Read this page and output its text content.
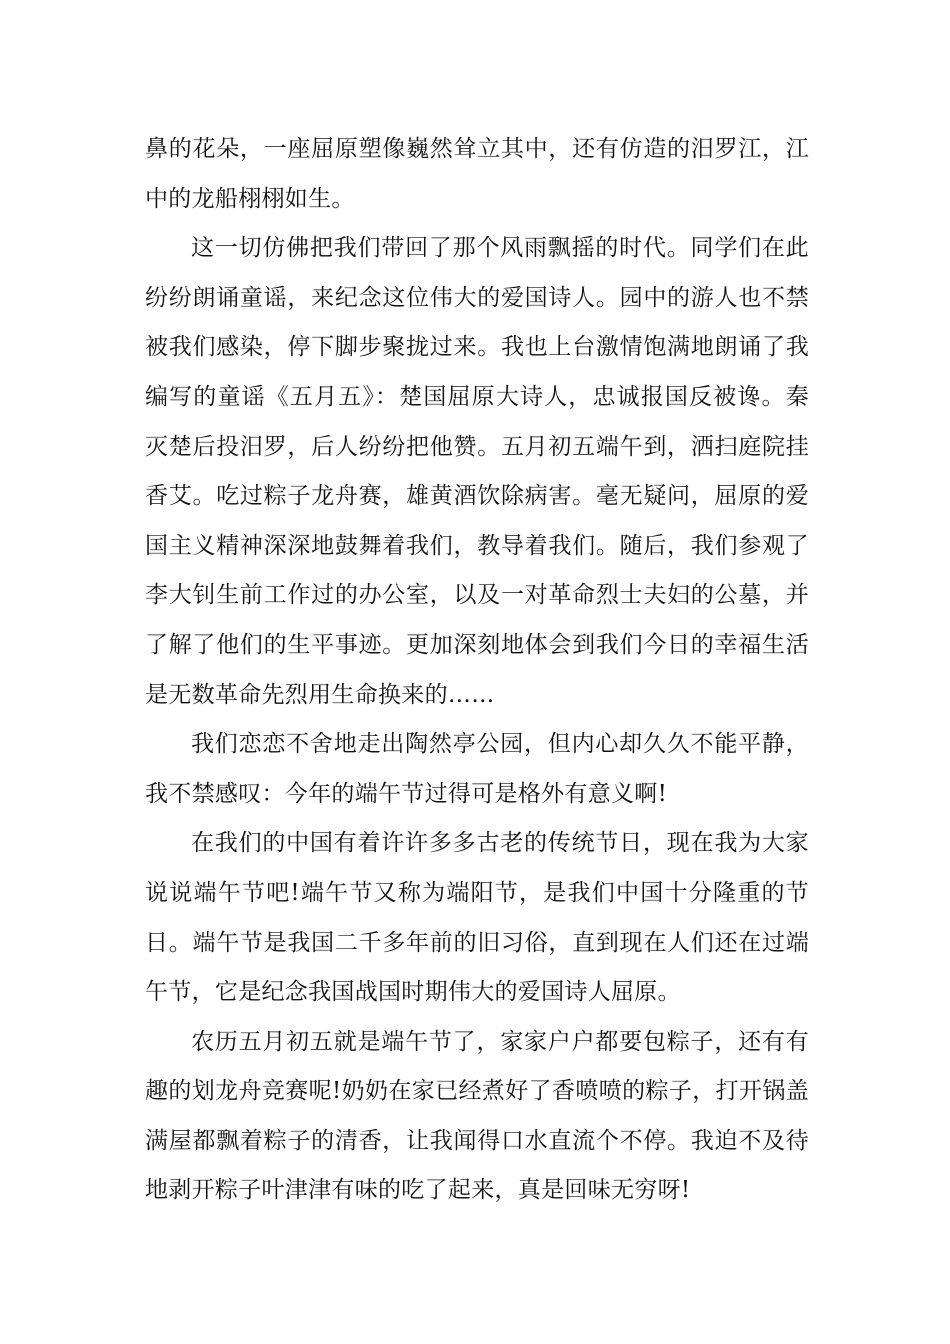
鼻的花朵，一座屈原塑像巍然耸立其中，还有仿造的汨罗江，江中的龙船栩栩如生。

这一切仿佛把我们带回了那个风雨飘摇的时代。同学们在此纷纷朗诵童谣，来纪念这位伟大的爱国诗人。园中的游人也不禁被我们感染，停下脚步聚拢过来。我也上台激情饱满地朗诵了我编写的童谣《五月五》：楚国屈原大诗人，忠诚报国反被谗。秦灭楚后投汨罗，后人纷纷把他赞。五月初五端午到，洒扫庭院挂香艾。吃过粽子龙舟赛，雄黄酒饮除病害。毫无疑问，屈原的爱国主义精神深深地鼓舞着我们，教导着我们。随后，我们参观了李大钊生前工作过的办公室，以及一对革命烈士夫妇的公墓，并了解了他们的生平事迹。更加深刻地体会到我们今日的幸福生活是无数革命先烈用生命换来的……

我们恋恋不舍地走出陶然亭公园，但内心却久久不能平静，我不禁感叹：今年的端午节过得可是格外有意义啊!

在我们的中国有着许许多多古老的传统节日，现在我为大家说说端午节吧!端午节又称为端阳节，是我们中国十分隆重的节日。端午节是我国二千多年前的旧习俗，直到现在人们还在过端午节，它是纪念我国战国时期伟大的爱国诗人屈原。

农历五月初五就是端午节了，家家户户都要包粽子，还有有趣的划龙舟竞赛呢!奶奶在家已经煮好了香喷喷的粽子，打开锅盖满屋都飘着粽子的清香，让我闻得口水直流个不停。我迫不及待地剥开粽子叶津津有味的吃了起来，真是回味无穷呀!
